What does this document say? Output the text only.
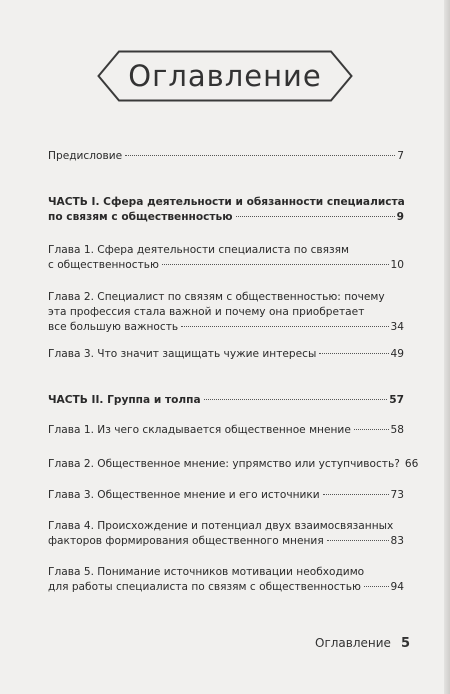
Оглавление
Предисловие	7
ЧАСТЬ I. Сфера деятельности и обязанности специалиста
по связям с общественностью	9
Глава 1. Сфера деятельности специалиста по связям
с общественностью	10
Глава 2. Специалист по связям с общественностью: почему
эта профессия стала важной и почему она приобретает
все большую важность	34
Глава 3. Что значит защищать чужие интересы	49
ЧАСТЬ II. Группа и толпа	57
Глава 1. Из чего складывается общественное мнение	58
Глава 2. Общественное мнение: упрямство или уступчивость? 66
Глава 3. Общественное мнение и его источники	73
Глава 4. Происхождение и потенциал двух взаимосвязанных
факторов формирования общественного мнения	83
Глава 5. Понимание источников мотивации необходимо
для работы специалиста по связям с общественностью	94
Оглавление 5
